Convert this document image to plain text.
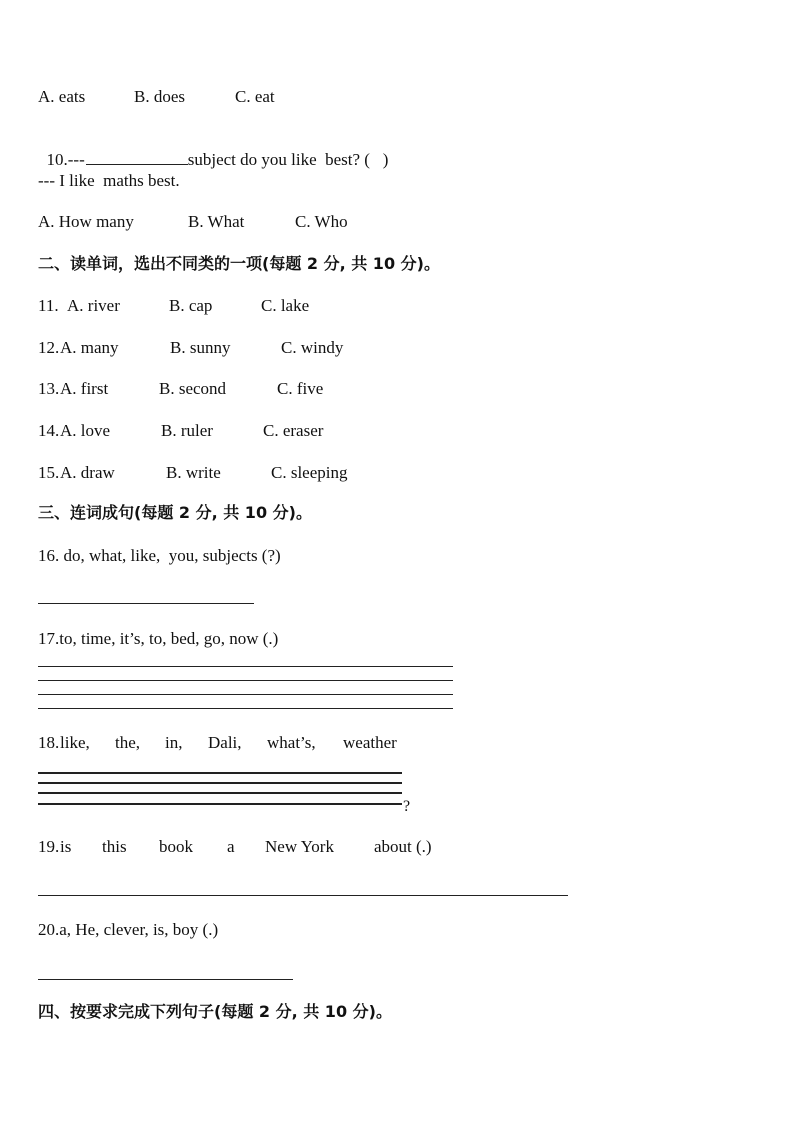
A. eats

	B. does

	C. eat

10.---	subject do you like  best? (   )

--- I like  maths best.

A. How many

	B. What

	C. Who

二、读单词，选出不同类的一项(每题 2 分, 共 10 分)。

11.

A. river

	B. cap

	C. lake

12.

A. many

	B. sunny

	C. windy

13.

A. first

	B. second

	C. five

14.

A. love

	B. ruler

	C. eraser

15.

A. draw

	B. write

	C. sleeping

三、连词成句(每题 2 分, 共 10 分)。
16. do, what, like,  you, subjects (?)
17.to, time, it’s, to, bed, go, now (.)

18.

like,

the,

in,

Dali,

what’s,

weather

?

19.

is

this

book

a

New York

about (.)

20.a, He, clever, is, boy (.)
四、按要求完成下列句子(每题 2 分, 共 10 分)。
